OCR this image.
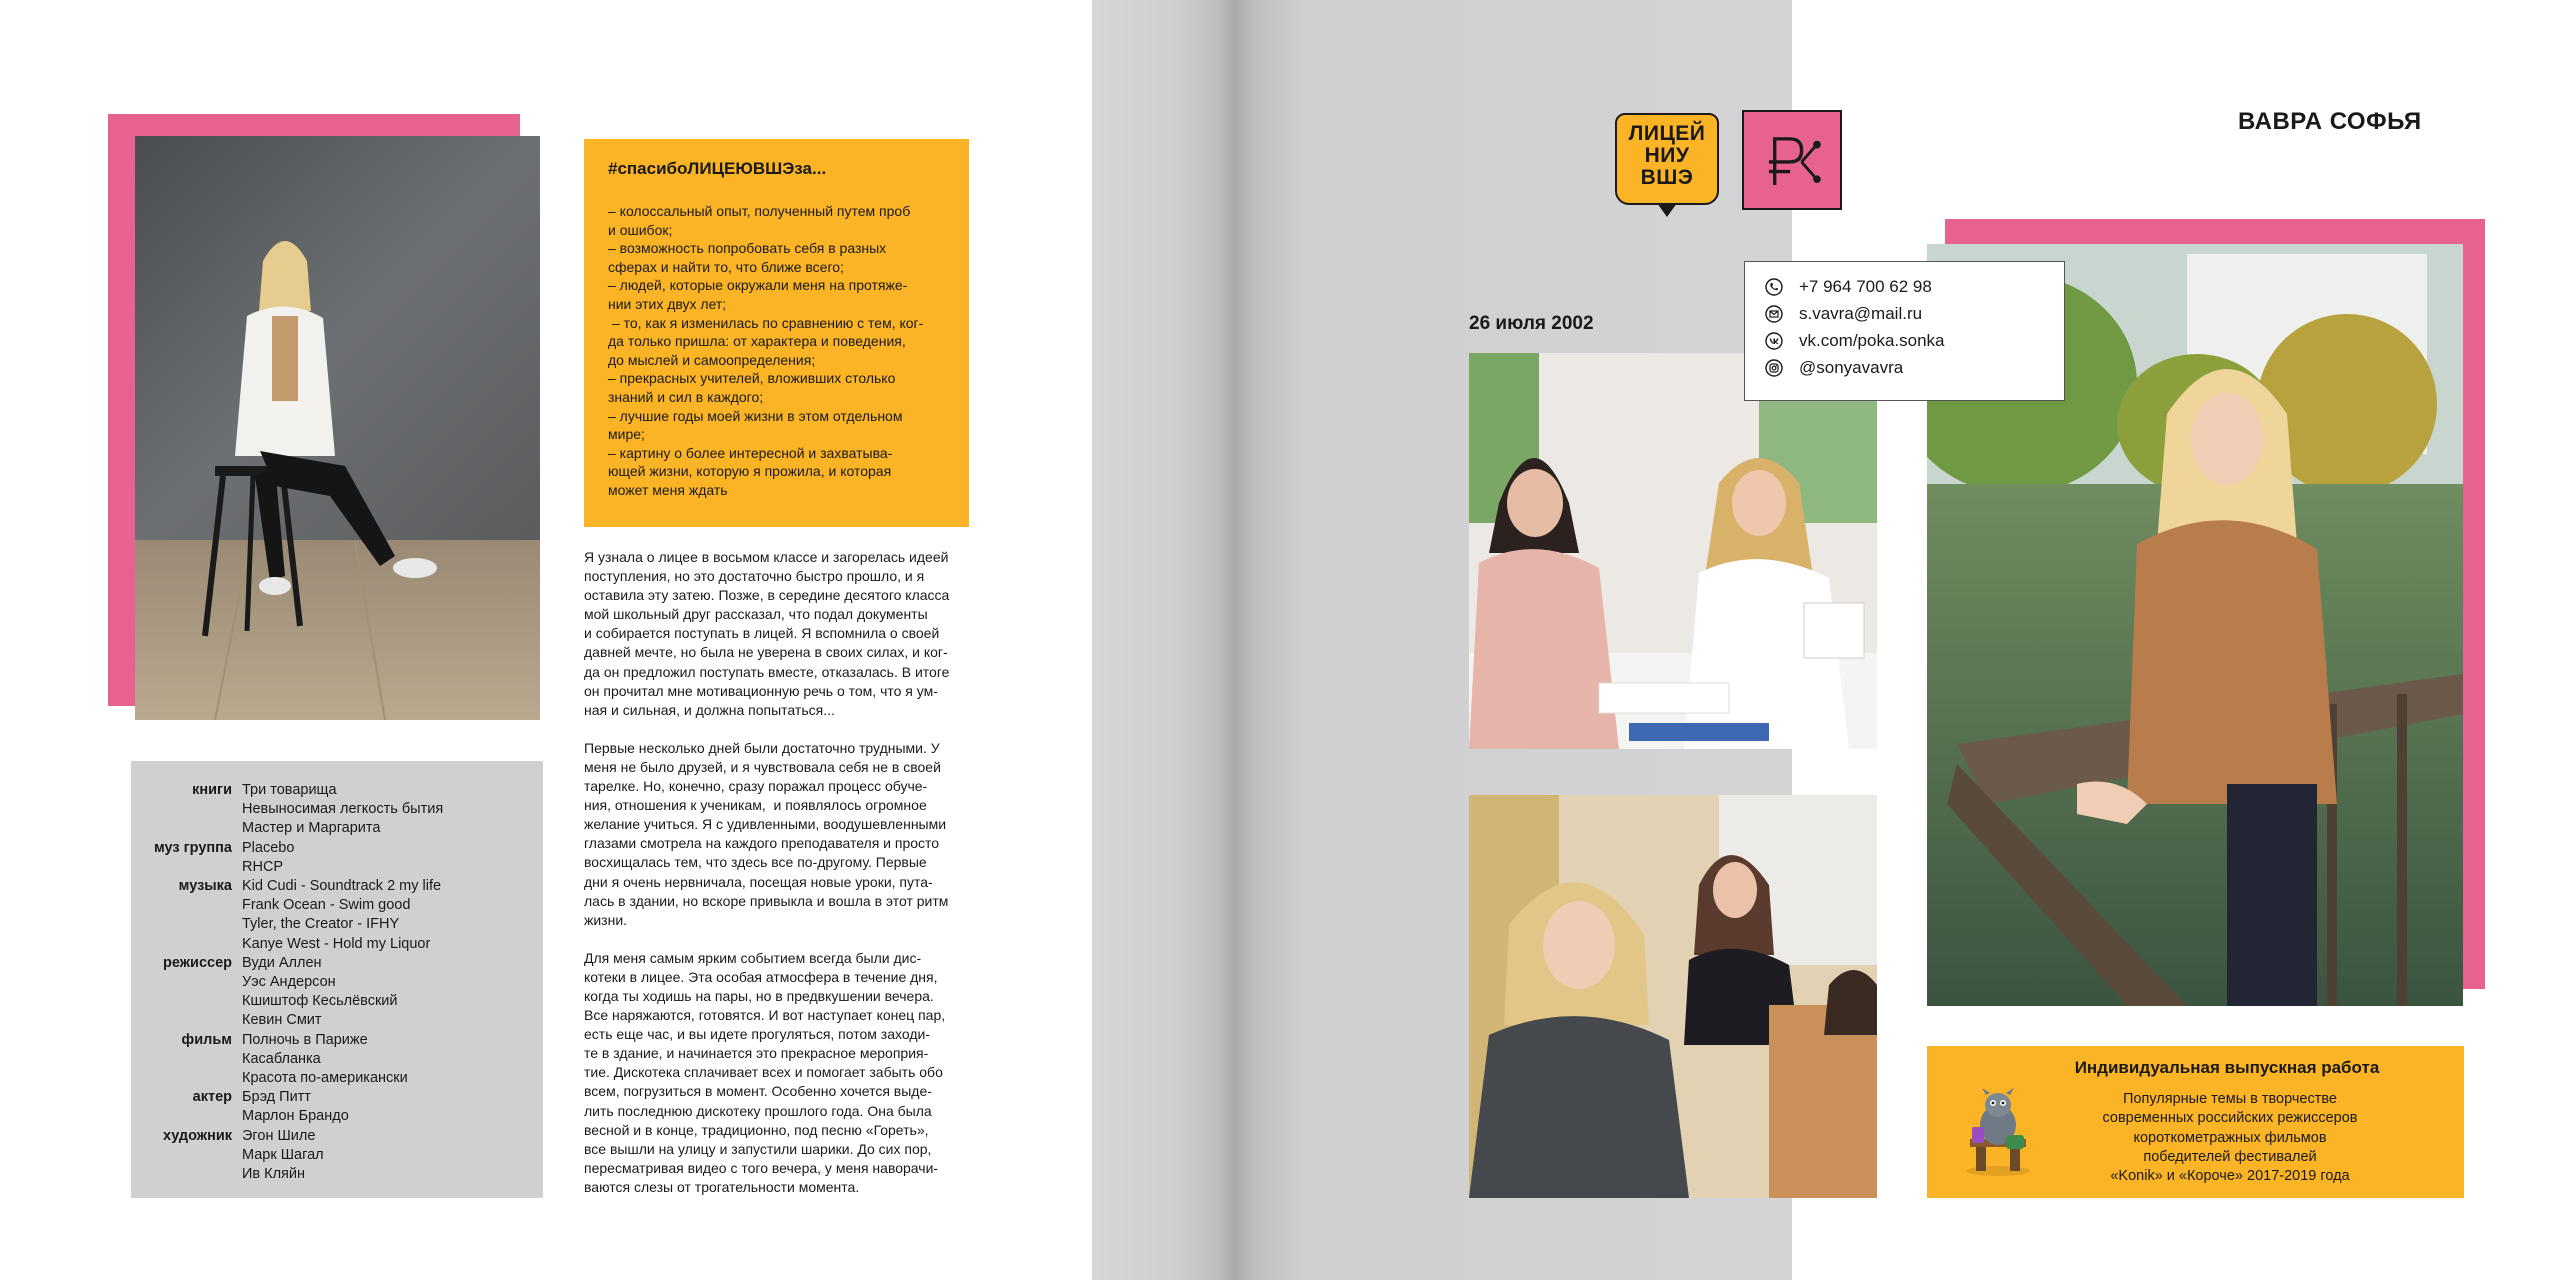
#спасибоЛИЦЕЮВШЭза...
– колоссальный опыт, полученный путем проб
и ошибок;
– возможность попробовать себя в разных
сферах и найти то, что ближе всего;
– людей, которые окружали меня на протяже-
нии этих двух лет;
– то, как я изменилась по сравнению с тем, ког-
да только пришла: от характера и поведения,
до мыслей и самоопределения;
– прекрасных учителей, вложивших столько
знаний и сил в каждого;
– лучшие годы моей жизни в этом отдельном
мире;
– картину о более интересной и захватыва-
ющей жизни, которую я прожила, и которая
может меня ждать
Я узнала о лицее в восьмом классе и загорелась идеей
поступления, но это достаточно быстро прошло, и я
оставила эту затею. Позже, в середине десятого класса
мой школьный друг рассказал, что подал документы
и собирается поступать в лицей. Я вспомнила о своей
давней мечте, но была не уверена в своих силах, и ког-
да он предложил поступать вместе, отказалась. В итоге
он прочитал мне мотивационную речь о том, что я ум-
ная и сильная, и должна попытаться...
Первые несколько дней были достаточно трудными. У
меня не было друзей, и я чувствовала себя не в своей
тарелке. Но, конечно, сразу поражал процесс обуче-
ния, отношения к ученикам,  и появлялось огромное
желание учиться. Я с удивленными, воодушевленными
глазами смотрела на каждого преподавателя и просто
восхищалась тем, что здесь все по-другому. Первые
дни я очень нервничала, посещая новые уроки, пута-
лась в здании, но вскоре привыкла и вошла в этот ритм
жизни.
Для меня самым ярким событием всегда были дис-
котеки в лицее. Эта особая атмосфера в течение дня,
когда ты ходишь на пары, но в предвкушении вечера.
Все наряжаются, готовятся. И вот наступает конец пар,
есть еще час, и вы идете прогуляться, потом заходи-
те в здание, и начинается это прекрасное мероприя-
тие. Дискотека сплачивает всех и помогает забыть обо
всем, погрузиться в момент. Особенно хочется выде-
лить последнюю дискотеку прошлого года. Она была
весной и в конце, традиционно, под песню «Гореть»,
все вышли на улицу и запустили шарики. До сих пор,
пересматривая видео с того вечера, у меня наворачи-
ваются слезы от трогательности момента.
книги Три товарища
Невыносимая легкость бытия
Мастер и Маргарита
муз группа Placebo
RHCP
музыка Kid Cudi - Soundtrack 2 my life
Frank Ocean - Swim good
Tyler, the Creator - IFHY
Kanye West - Hold my Liquor
режиссер Вуди Аллен
Уэс Андерсон
Кшиштоф Кесьлёвский
Кевин Смит
фильм Полночь в Париже
Касабланка
Красота по-американски
актер Брэд Питт
Марлон Брандо
художник Эгон Шиле
Марк Шагал
Ив Кляйн
ЛИЦЕЙ
НИУ
ВШЭ
ВАВРА СОФЬЯ
26 июля 2002
+7 964 700 62 98
s.vavra@mail.ru
vk.com/poka.sonka
@sonyavavra
Индивидуальная выпускная работа
Популярные темы в творчестве
современных российских режиссеров
короткометражных фильмов
победителей фестивалей
«Konik» и «Короче» 2017-2019 года
